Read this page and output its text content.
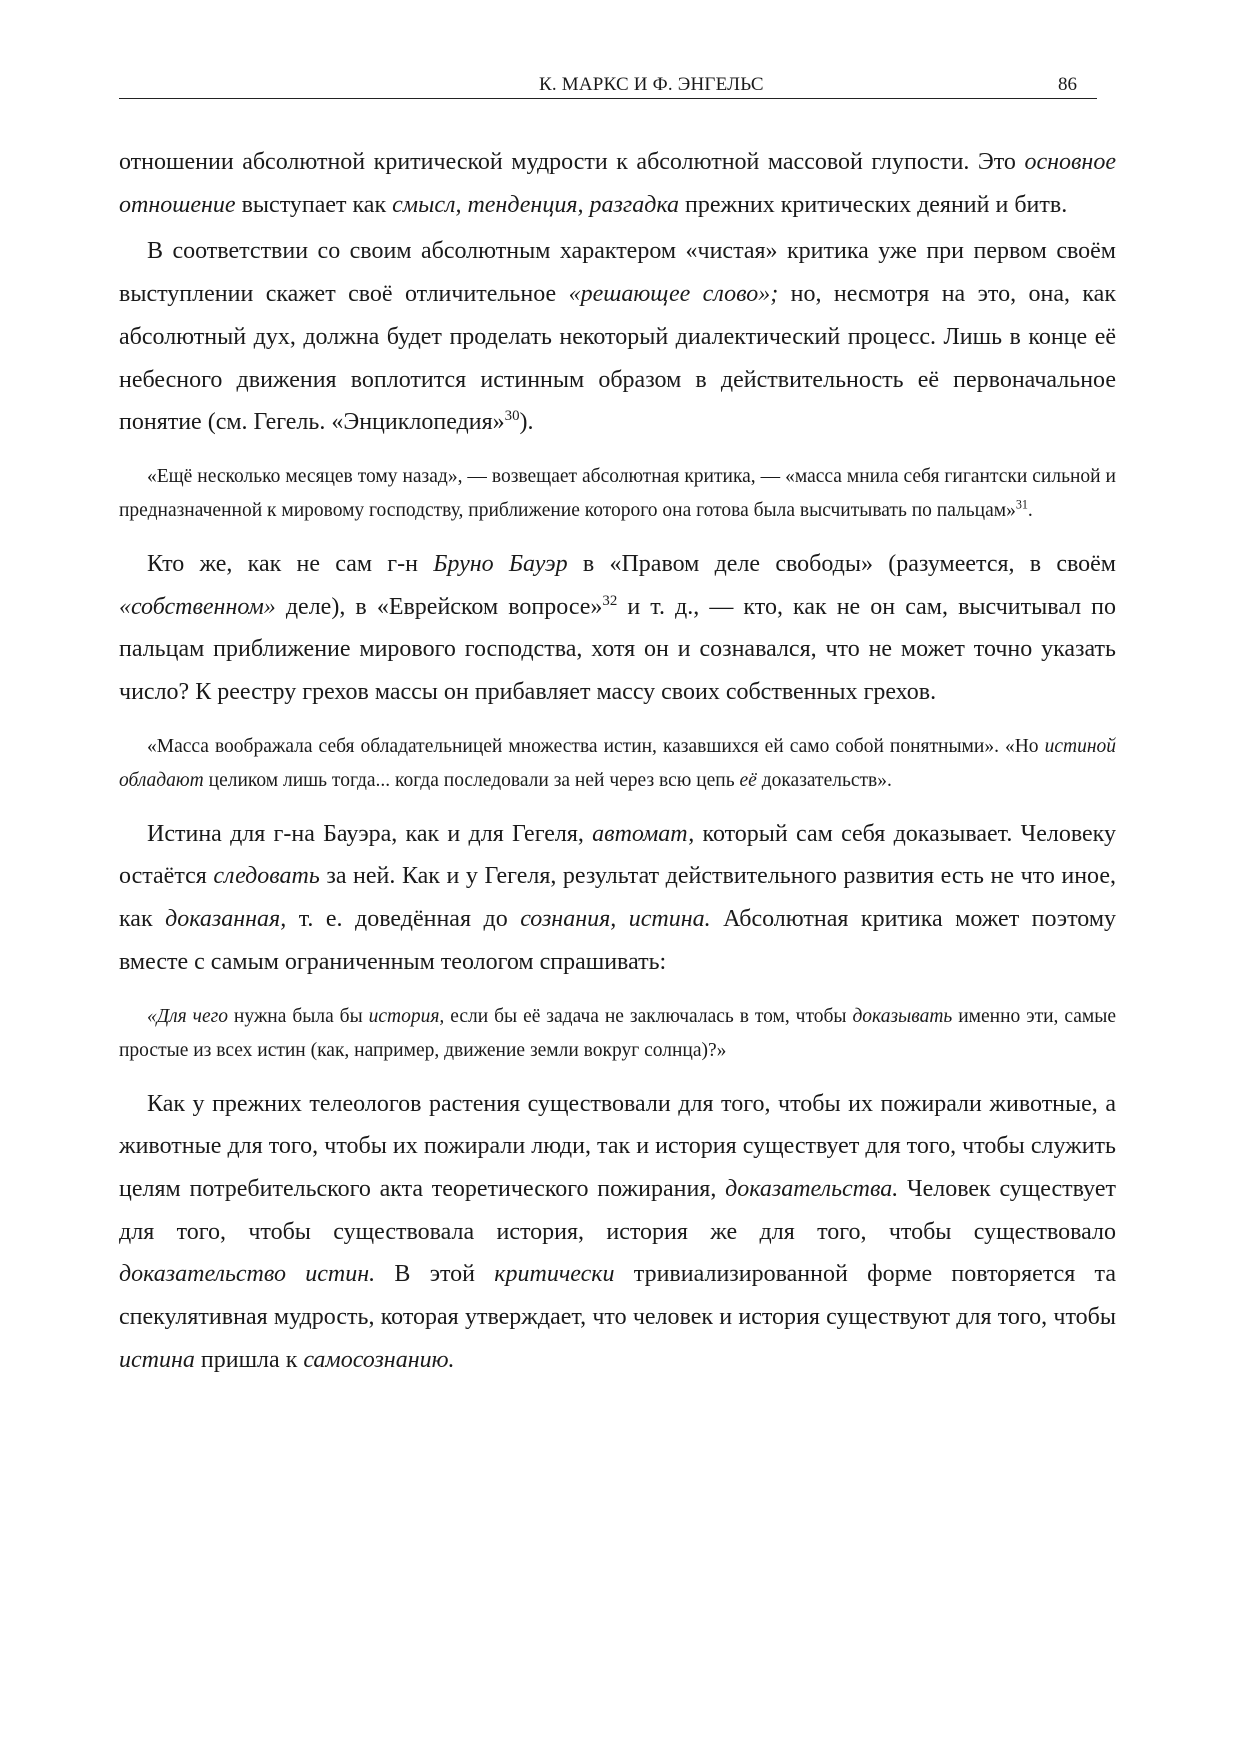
К. МАРКС И Ф. ЭНГЕЛЬС	86

отношении абсолютной критической мудрости к абсолютной массовой глупости. Это основное отношение выступает как смысл, тенденция, разгадка прежних критических деяний и битв.

В соответствии со своим абсолютным характером «чистая» критика уже при первом своём выступлении скажет своё отличительное «решающее слово»; но, несмотря на это, она, как абсолютный дух, должна будет проделать некоторый диалектический процесс. Лишь в конце её небесного движения воплотится истинным образом в действительность её первоначальное понятие (см. Гегель. «Энциклопедия»$^{30}$).

«Ещё несколько месяцев тому назад», — возвещает абсолютная критика, — «масса мнила себя гигантски сильной и предназначенной к мировому господству, приближение которого она готова была высчитывать по пальцам»$^{31}$.

Кто же, как не сам г-н Бруно Бауэр в «Правом деле свободы» (разумеется, в своём «собственном» деле), в «Еврейском вопросе»$^{32}$ и т. д., — кто, как не он сам, высчитывал по пальцам приближение мирового господства, хотя он и сознавался, что не может точно указать число? К реестру грехов массы он прибавляет массу своих собственных грехов.

«Масса воображала себя обладательницей множества истин, казавшихся ей само собой понятными». «Но истиной обладают целиком лишь тогда... когда последовали за ней через всю цепь её доказательств».

Истина для г-на Бауэра, как и для Гегеля, автомат, который сам себя доказывает. Человеку остаётся следовать за ней. Как и у Гегеля, результат действительного развития есть не что иное, как доказанная, т. е. доведённая до сознания, истина. Абсолютная критика может поэтому вместе с самым ограниченным теологом спрашивать:

«Для чего нужна была бы история, если бы её задача не заключалась в том, чтобы доказывать именно эти, самые простые из всех истин (как, например, движение земли вокруг солнца)?»

Как у прежних телеологов растения существовали для того, чтобы их пожирали животные, а животные для того, чтобы их пожирали люди, так и история существует для того, чтобы служить целям потребительского акта теоретического пожирания, доказательства. Человек существует для того, чтобы существовала история, история же для того, чтобы существовало доказательство истин. В этой критически тривиализированной форме повторяется та спекулятивная мудрость, которая утверждает, что человек и история существуют для того, чтобы истина пришла к самосознанию.
